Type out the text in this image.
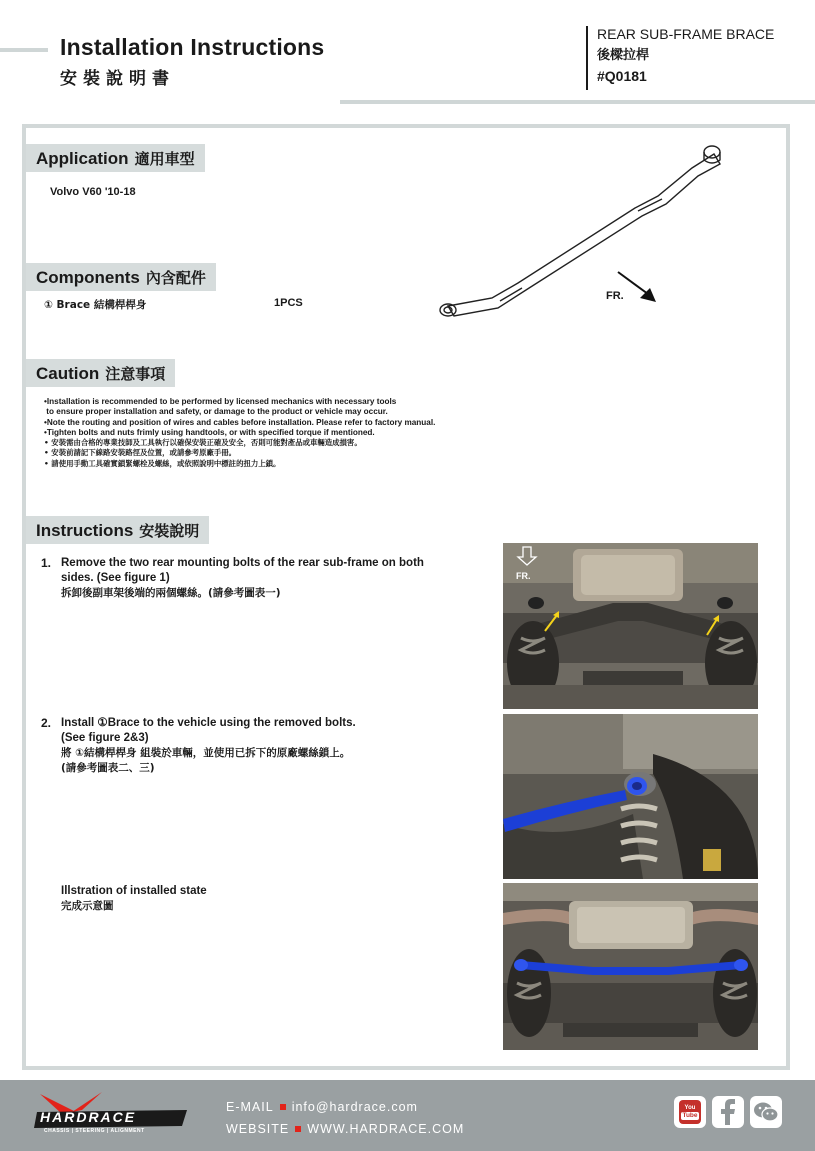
Installation Instructions
安裝說明書
REAR SUB-FRAME BRACE
後樑拉桿
#Q0181
Application 適用車型
Volvo V60 '10-18
Components 內含配件
① Brace 結構桿桿身	1PCS
FR.
Caution 注意事項
•Installation is recommended to be performed by licensed mechanics with necessary tools
to ensure proper installation and safety, or damage to the product or vehicle may occur.
•Note the routing and position of wires and cables before installation. Please refer to factory manual.
•Tighten bolts and nuts frimly using handtools, or with specified torque if mentioned.
• 安裝需由合格的專業技師及工具執行以確保安裝正確及安全，否則可能對產品或車輛造成損害。
• 安裝前請記下線路安裝路徑及位置，或請參考原廠手冊。
• 請使用手動工具確實鎖緊螺栓及螺絲，或依照說明中標註的扭力上鎖。
Instructions 安裝說明
1. Remove the two rear mounting bolts of the rear sub-frame on both
sides. (See figure 1)
拆卸後副車架後端的兩個螺絲。(請參考圖表一)
2. Install ①Brace to the vehicle using the removed bolts.
(See figure 2&3)
將 ①結構桿桿身 組裝於車輛，並使用已拆下的原廠螺絲鎖上。
(請參考圖表二、三)
Illstration of installed state
完成示意圖
FR.
HARDRACE
CHASSIS | STEERING | ALIGNMENT
E-MAIL info@hardrace.com
WEBSITE WWW.HARDRACE.COM
You
Tube
